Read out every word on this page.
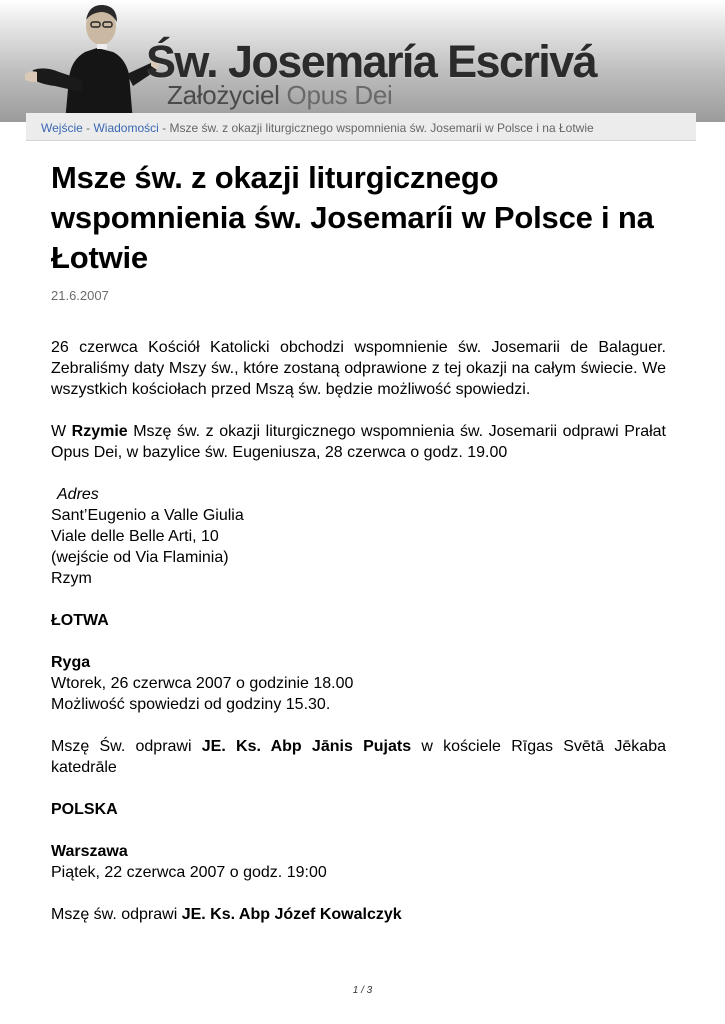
Św. Josemaría Escrivá
Założyciel Opus Dei
Wejście - Wiadomości - Msze św. z okazji liturgicznego wspomnienia św. Josemarii w Polsce i na Łotwie
Msze św. z okazji liturgicznego wspomnienia św. Josemaríi w Polsce i na Łotwie
21.6.2007

26 czerwca Kościół Katolicki obchodzi wspomnienie św. Josemarii de Balaguer. Zebraliśmy daty Mszy św., które zostaną odprawione z tej okazji na całym świecie. We wszystkich kościołach przed Mszą św. będzie możliwość spowiedzi.

W Rzymie Mszę św. z okazji liturgicznego wspomnienia św. Josemarii odprawi Prałat Opus Dei, w bazylice św. Eugeniusza, 28 czerwca o godz. 19.00

Adres

Sant’Eugenio a Valle Giulia

Viale delle Belle Arti, 10

(wejście od Via Flaminia)

Rzym

ŁOTWA

Ryga

Wtorek, 26 czerwca 2007 o godzinie 18.00

Możliwość spowiedzi od godziny 15.30.

Mszę Św. odprawi JE. Ks. Abp Jānis Pujats w kościele Rīgas Svētā Jēkaba katedrāle

POLSKA

Warszawa

Piątek, 22 czerwca 2007 o godz. 19:00

Mszę św. odprawi JE. Ks. Abp Józef Kowalczyk

1 / 3
